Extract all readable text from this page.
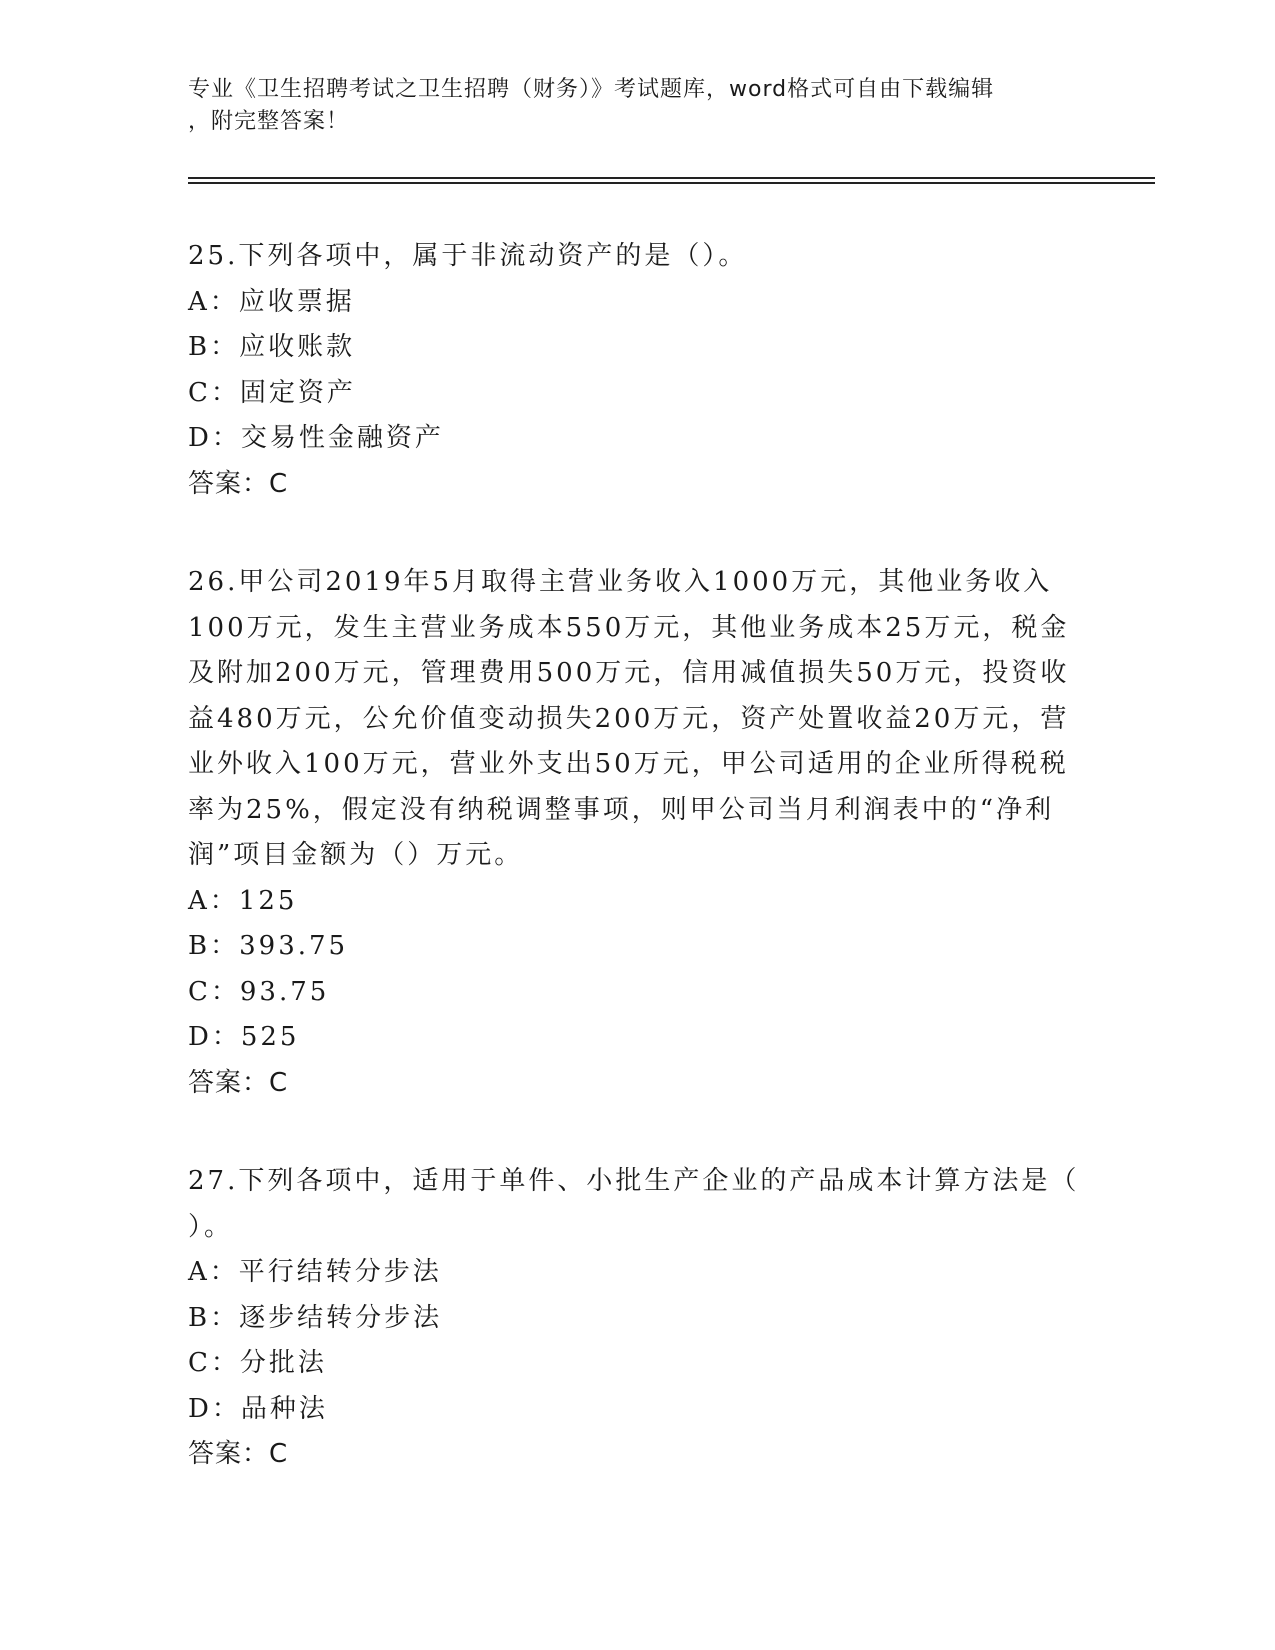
专业《卫生招聘考试之卫生招聘（财务）》考试题库，word格式可自由下载编辑
，附完整答案！
25.下列各项中，属于非流动资产的是（）。
A：应收票据
B：应收账款
C：固定资产
D：交易性金融资产
答案：C
26.甲公司2019年5月取得主营业务收入1000万元，其他业务收入
100万元，发生主营业务成本550万元，其他业务成本25万元，税金
及附加200万元，管理费用500万元，信用减值损失50万元，投资收
益480万元，公允价值变动损失200万元，资产处置收益20万元，营
业外收入100万元，营业外支出50万元，甲公司适用的企业所得税税
率为25%，假定没有纳税调整事项，则甲公司当月利润表中的“净利
润”项目金额为（）万元。
A：125
B：393.75
C：93.75
D：525
答案：C
27.下列各项中，适用于单件、小批生产企业的产品成本计算方法是（
）。
A：平行结转分步法
B：逐步结转分步法
C：分批法
D：品种法
答案：C
